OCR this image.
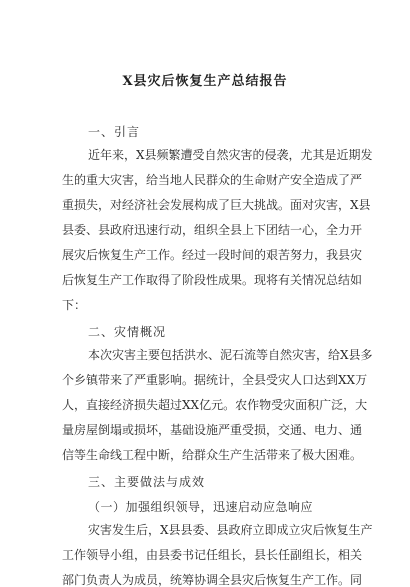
X县灾后恢复生产总结报告
一、引言
近年来，X县频繁遭受自然灾害的侵袭，尤其是近期发
生的重大灾害，给当地人民群众的生命财产安全造成了严
重损失，对经济社会发展构成了巨大挑战。面对灾害，X县
县委、县政府迅速行动，组织全县上下团结一心，全力开
展灾后恢复生产工作。经过一段时间的艰苦努力，我县灾
后恢复生产工作取得了阶段性成果。现将有关情况总结如
下：
二、灾情概况
本次灾害主要包括洪水、泥石流等自然灾害，给X县多
个乡镇带来了严重影响。据统计，全县受灾人口达到XX万
人，直接经济损失超过XX亿元。农作物受灾面积广泛，大
量房屋倒塌或损坏，基础设施严重受损，交通、电力、通
信等生命线工程中断，给群众生产生活带来了极大困难。
三、主要做法与成效
（一）加强组织领导，迅速启动应急响应
灾害发生后，X县县委、县政府立即成立灾后恢复生产
工作领导小组，由县委书记任组长，县长任副组长，相关
部门负责人为成员，统筹协调全县灾后恢复生产工作。同
